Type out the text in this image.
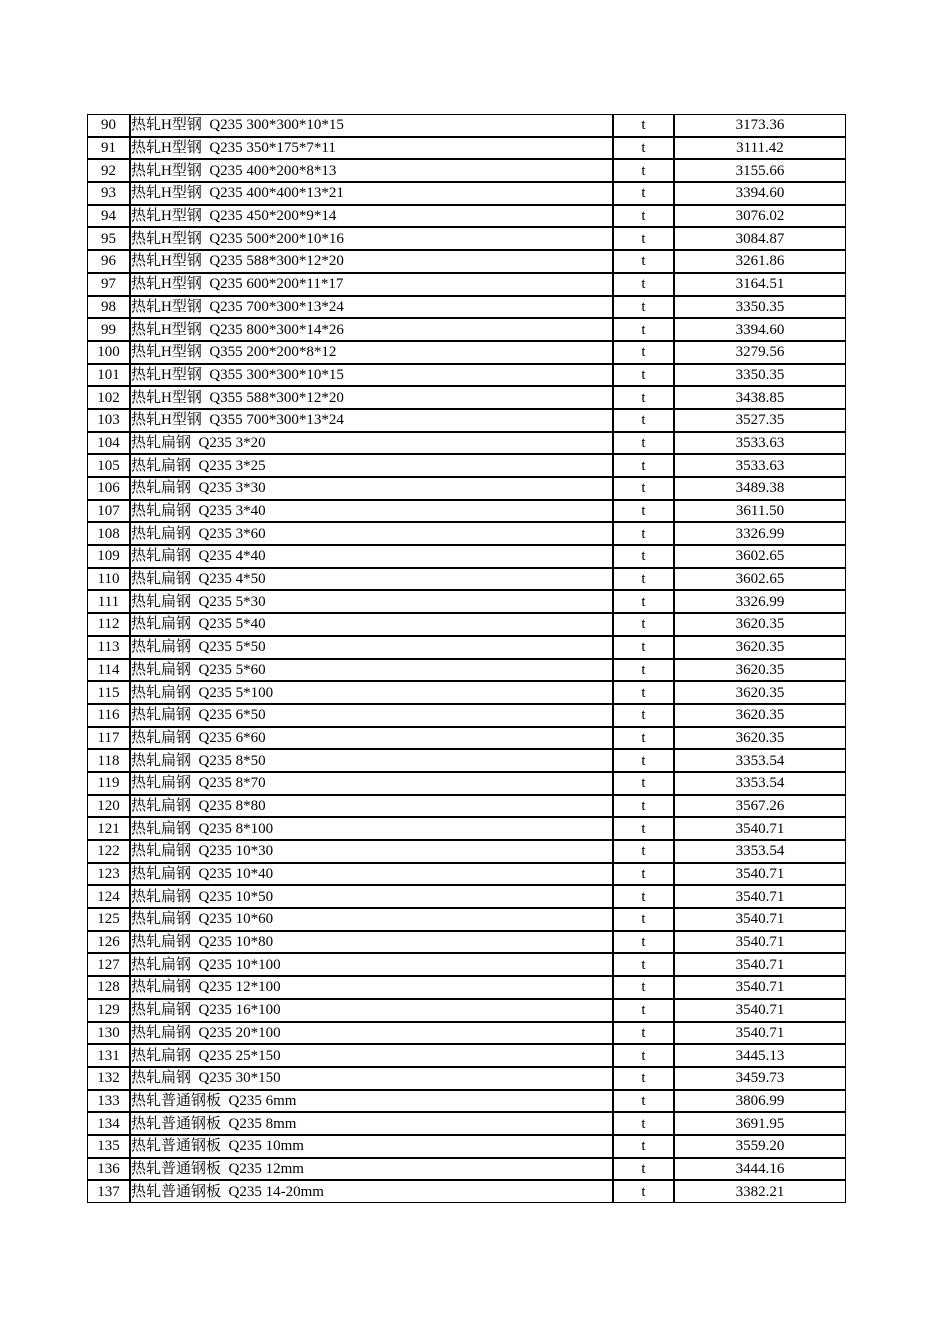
90	热轧H型钢  Q235 300*300*10*15	t	3173.36
91	热轧H型钢  Q235 350*175*7*11	t	3111.42
92	热轧H型钢  Q235 400*200*8*13	t	3155.66
93	热轧H型钢  Q235 400*400*13*21	t	3394.60
94	热轧H型钢  Q235 450*200*9*14	t	3076.02
95	热轧H型钢  Q235 500*200*10*16	t	3084.87
96	热轧H型钢  Q235 588*300*12*20	t	3261.86
97	热轧H型钢  Q235 600*200*11*17	t	3164.51
98	热轧H型钢  Q235 700*300*13*24	t	3350.35
99	热轧H型钢  Q235 800*300*14*26	t	3394.60
100	热轧H型钢  Q355 200*200*8*12	t	3279.56
101	热轧H型钢  Q355 300*300*10*15	t	3350.35
102	热轧H型钢  Q355 588*300*12*20	t	3438.85
103	热轧H型钢  Q355 700*300*13*24	t	3527.35
104	热轧扁钢  Q235 3*20	t	3533.63
105	热轧扁钢  Q235 3*25	t	3533.63
106	热轧扁钢  Q235 3*30	t	3489.38
107	热轧扁钢  Q235 3*40	t	3611.50
108	热轧扁钢  Q235 3*60	t	3326.99
109	热轧扁钢  Q235 4*40	t	3602.65
110	热轧扁钢  Q235 4*50	t	3602.65
111	热轧扁钢  Q235 5*30	t	3326.99
112	热轧扁钢  Q235 5*40	t	3620.35
113	热轧扁钢  Q235 5*50	t	3620.35
114	热轧扁钢  Q235 5*60	t	3620.35
115	热轧扁钢  Q235 5*100	t	3620.35
116	热轧扁钢  Q235 6*50	t	3620.35
117	热轧扁钢  Q235 6*60	t	3620.35
118	热轧扁钢  Q235 8*50	t	3353.54
119	热轧扁钢  Q235 8*70	t	3353.54
120	热轧扁钢  Q235 8*80	t	3567.26
121	热轧扁钢  Q235 8*100	t	3540.71
122	热轧扁钢  Q235 10*30	t	3353.54
123	热轧扁钢  Q235 10*40	t	3540.71
124	热轧扁钢  Q235 10*50	t	3540.71
125	热轧扁钢  Q235 10*60	t	3540.71
126	热轧扁钢  Q235 10*80	t	3540.71
127	热轧扁钢  Q235 10*100	t	3540.71
128	热轧扁钢  Q235 12*100	t	3540.71
129	热轧扁钢  Q235 16*100	t	3540.71
130	热轧扁钢  Q235 20*100	t	3540.71
131	热轧扁钢  Q235 25*150	t	3445.13
132	热轧扁钢  Q235 30*150	t	3459.73
133	热轧普通钢板  Q235 6mm	t	3806.99
134	热轧普通钢板  Q235 8mm	t	3691.95
135	热轧普通钢板  Q235 10mm	t	3559.20
136	热轧普通钢板  Q235 12mm	t	3444.16
137	热轧普通钢板  Q235 14-20mm	t	3382.21
